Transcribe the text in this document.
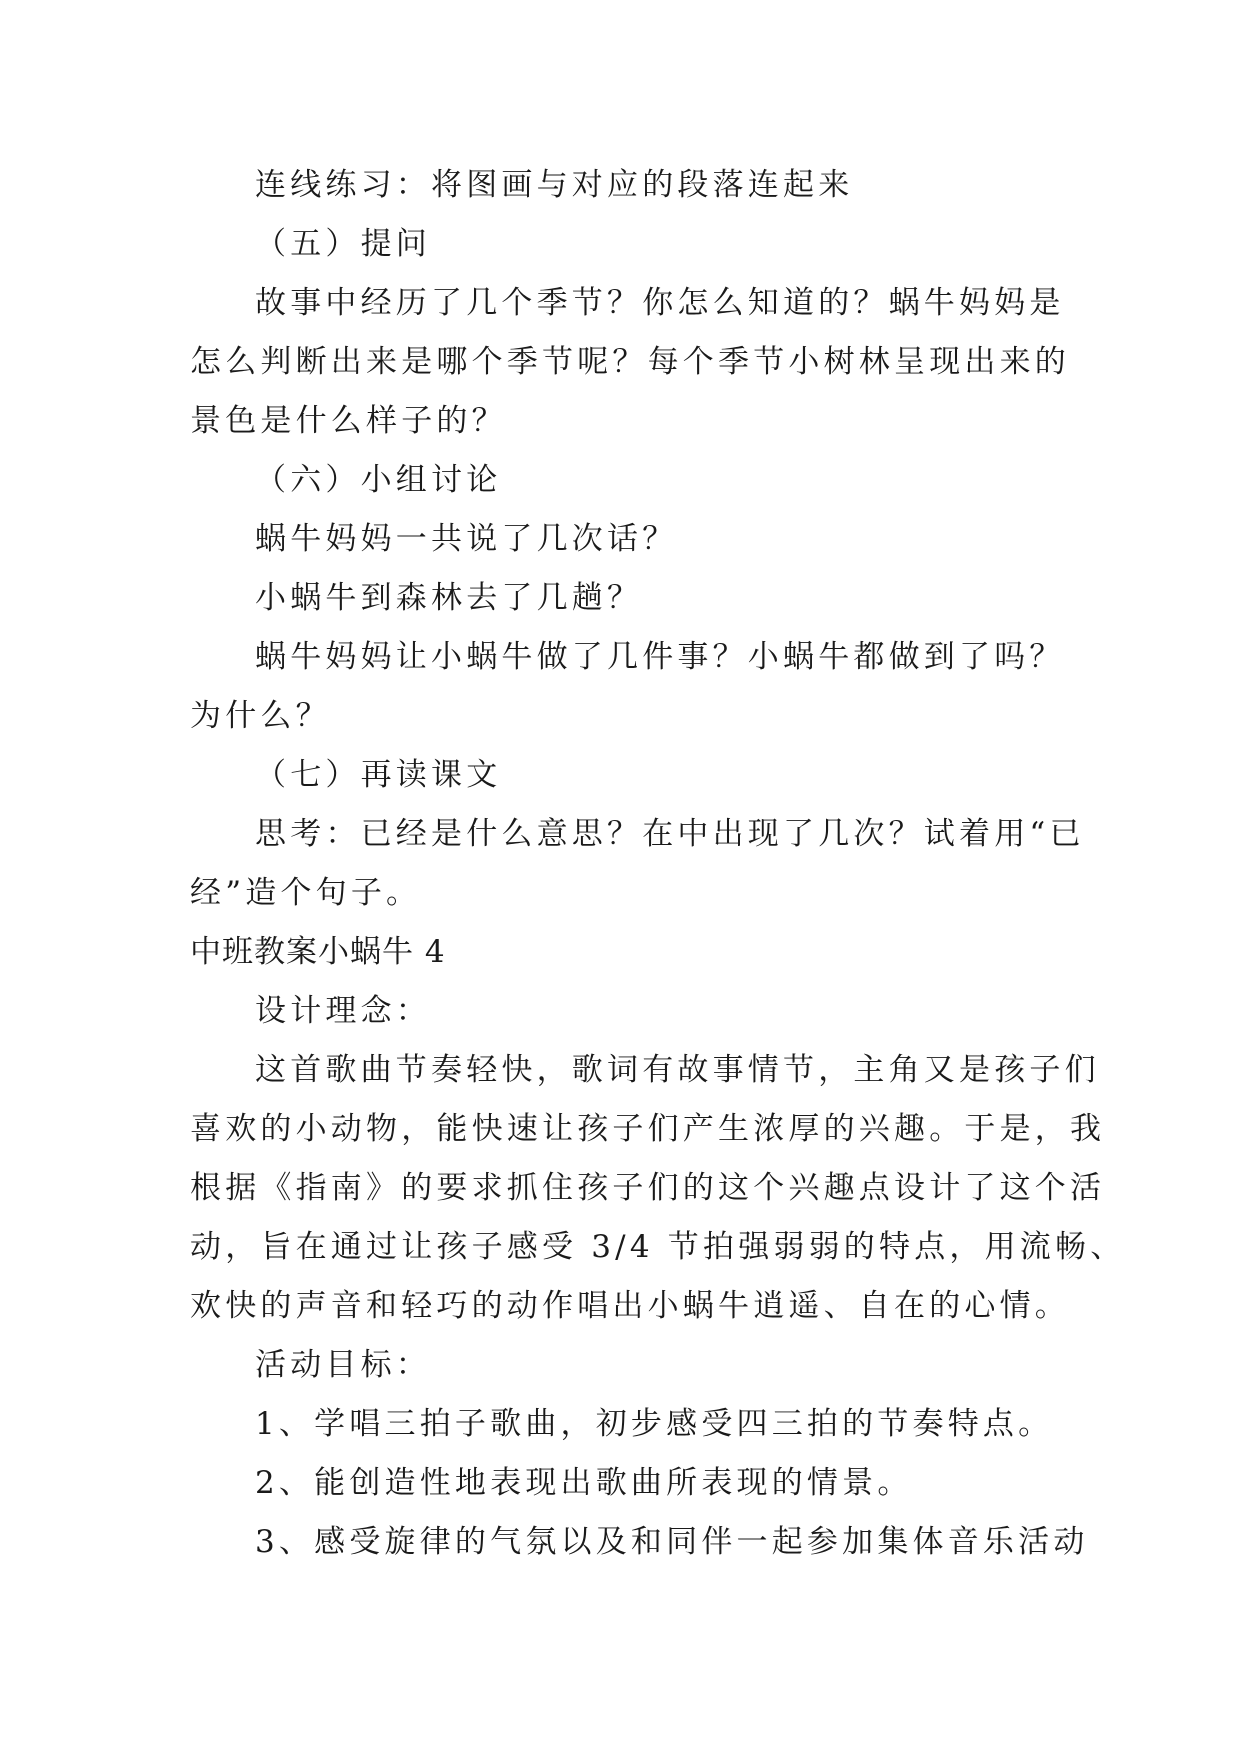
连线练习：将图画与对应的段落连起来
（五）提问
故事中经历了几个季节？你怎么知道的？蜗牛妈妈是
怎么判断出来是哪个季节呢？每个季节小树林呈现出来的
景色是什么样子的？
（六）小组讨论
蜗牛妈妈一共说了几次话？
小蜗牛到森林去了几趟？
蜗牛妈妈让小蜗牛做了几件事？小蜗牛都做到了吗？
为什么？
（七）再读课文
思考：已经是什么意思？在中出现了几次？试着用“已
经”造个句子。
中班教案小蜗牛 4
设计理念：
这首歌曲节奏轻快，歌词有故事情节，主角又是孩子们
喜欢的小动物，能快速让孩子们产生浓厚的兴趣。于是，我
根据《指南》的要求抓住孩子们的这个兴趣点设计了这个活
动，旨在通过让孩子感受 3/4 节拍强弱弱的特点，用流畅、
欢快的声音和轻巧的动作唱出小蜗牛逍遥、自在的心情。
活动目标：
1、学唱三拍子歌曲，初步感受四三拍的节奏特点。
2、能创造性地表现出歌曲所表现的情景。
3、感受旋律的气氛以及和同伴一起参加集体音乐活动
